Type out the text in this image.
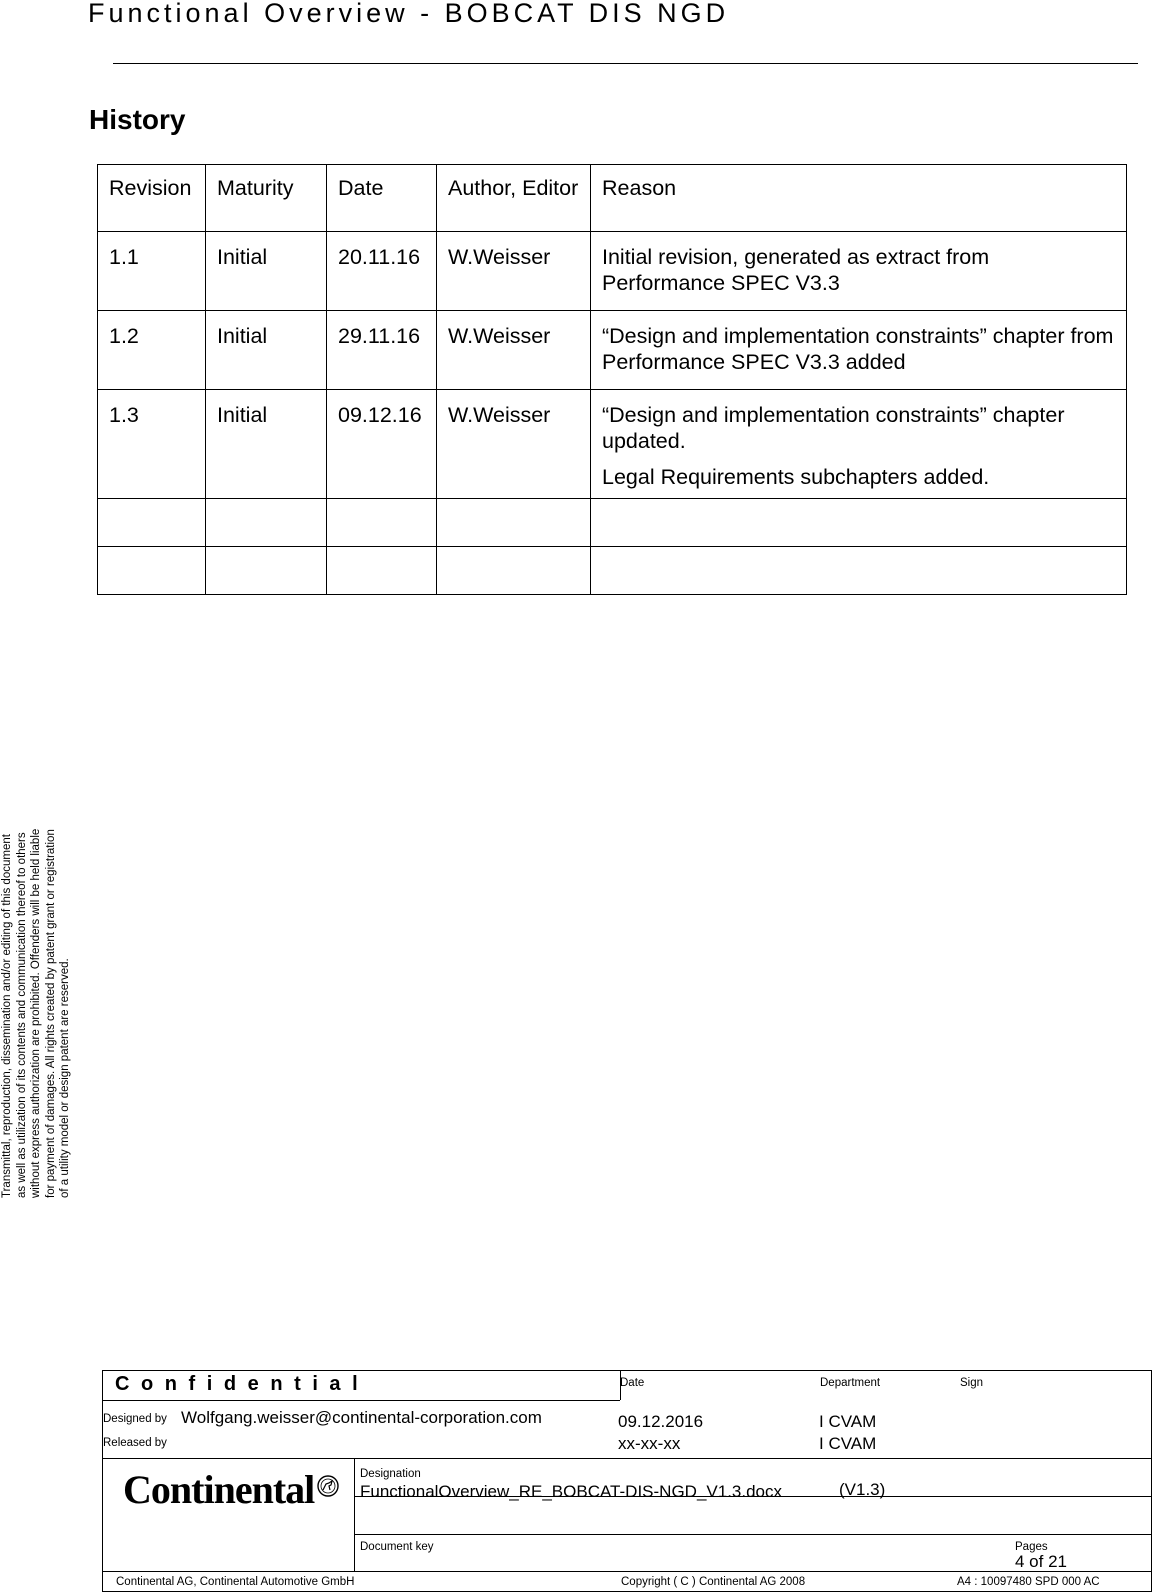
Functional Overview - BOBCAT DIS NGD
History
Revision	Maturity	Date	Author, Editor	Reason
1.1	Initial	20.11.16	W.Weisser	Initial revision, generated as extract from Performance SPEC V3.3

1.2	Initial	29.11.16	W.Weisser	“Design and implementation constraints” chapter from Performance SPEC V3.3 added

1.3	Initial	09.12.16	W.Weisser	“Design and implementation constraints” chapter updated.

Legal Requirements subchapters added.

Transmittal, reproduction, dissemination and/or editing of this document as well as utilization of its contents and communication thereof to others without express authorization are prohibited. Offenders will be held liable for payment of damages. All rights created by patent grant or registration of a utility model or design patent are reserved.
C o n f i d e n t i a l	Date	Department	Sign
Designed by Wolfgang.weisser@continental-corporation.com	09.12.2016	I CVAM
Released by	xx-xx-xx	I CVAM
Continental	Designation
FunctionalOverview_RE_BOBCAT-DIS-NGD_V1.3.docx	(V1.3)
Document key	Pages
4 of 21
Continental AG, Continental Automotive GmbH	Copyright ( C ) Continental AG 2008	A4 : 10097480 SPD 000 AC
